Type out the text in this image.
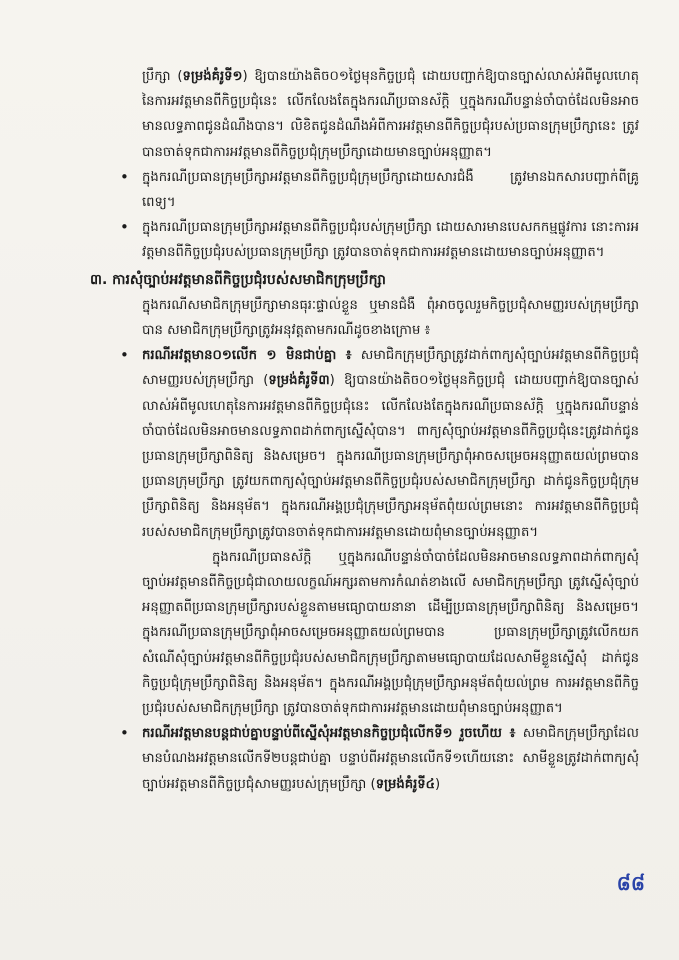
ប្រឹក្សា (ទម្រង់គំរូទី១) ឱ្យបានយ៉ាងតិច០១ថ្ងៃមុនកិច្ចប្រជុំ ដោយបញ្ជាក់ឱ្យបានច្បាស់លាស់អំពីមូលហេតុនៃការអវត្តមានពីកិច្ចប្រជុំនេះ លើកលែងតែក្នុងករណីប្រធានស័ក្តិ ឬក្នុងករណីបន្ទាន់ចាំបាច់ដែលមិនអាចមានលទ្ធភាពជូនដំណឹងបាន។ លិខិតជូនដំណឹងអំពីការអវត្តមានពីកិច្ចប្រជុំរបស់ប្រធានក្រុមប្រឹក្សានេះ ត្រូវបានចាត់ទុកជាការអវត្តមានពីកិច្ចប្រជុំក្រុមប្រឹក្សាដោយមានច្បាប់អនុញ្ញាត។

• ក្នុងករណីប្រធានក្រុមប្រឹក្សាអវត្តមានពីកិច្ចប្រជុំក្រុមប្រឹក្សាដោយសារជំងឺ ត្រូវមានឯកសារបញ្ជាក់ពីគ្រូពេទ្យ។

• ក្នុងករណីប្រធានក្រុមប្រឹក្សាអវត្តមានពីកិច្ចប្រជុំរបស់ក្រុមប្រឹក្សា ដោយសារមានបេសកកម្មផ្លូវការ នោះការអវត្តមានពីកិច្ចប្រជុំរបស់ប្រធានក្រុមប្រឹក្សា ត្រូវបានចាត់ទុកជាការអវត្តមានដោយមានច្បាប់អនុញ្ញាត។

៣. ការសុំច្បាប់អវត្តមានពីកិច្ចប្រជុំរបស់សមាជិកក្រុមប្រឹក្សា

ក្នុងករណីសមាជិកក្រុមប្រឹក្សាមានធុរៈផ្ទាល់ខ្លួន ឬមានជំងឺ ពុំអាចចូលរួមកិច្ចប្រជុំសាមញ្ញរបស់ក្រុមប្រឹក្សាបាន សមាជិកក្រុមប្រឹក្សាត្រូវអនុវត្តតាមករណីដូចខាងក្រោម ៖

• ករណីអវត្តមាន០១លើក ១ មិនជាប់គ្នា ៖ សមាជិកក្រុមប្រឹក្សាត្រូវដាក់ពាក្យសុំច្បាប់អវត្តមានពីកិច្ចប្រជុំសាមញ្ញរបស់ក្រុមប្រឹក្សា (ទម្រង់គំរូទី៣) ឱ្យបានយ៉ាងតិច០១ថ្ងៃមុនកិច្ចប្រជុំ ដោយបញ្ជាក់ឱ្យបានច្បាស់លាស់អំពីមូលហេតុនៃការអវត្តមានពីកិច្ចប្រជុំនេះ លើកលែងតែក្នុងករណីប្រធានស័ក្តិ ឬក្នុងករណីបន្ទាន់ចាំបាច់ដែលមិនអាចមានលទ្ធភាពដាក់ពាក្យស្នើសុំបាន។ ពាក្យសុំច្បាប់អវត្តមានពីកិច្ចប្រជុំនេះត្រូវដាក់ជូនប្រធានក្រុមប្រឹក្សាពិនិត្យ និងសម្រេច។ ក្នុងករណីប្រធានក្រុមប្រឹក្សាពុំអាចសម្រេចអនុញ្ញាតយល់ព្រមបាន ប្រធានក្រុមប្រឹក្សា ត្រូវយកពាក្យសុំច្បាប់អវត្តមានពីកិច្ចប្រជុំរបស់សមាជិកក្រុមប្រឹក្សា ដាក់ជូនកិច្ចប្រជុំក្រុមប្រឹក្សាពិនិត្យ និងអនុម័ត។ ក្នុងករណីអង្គប្រជុំក្រុមប្រឹក្សាអនុម័តពុំយល់ព្រមនោះ ការអវត្តមានពីកិច្ចប្រជុំរបស់សមាជិកក្រុមប្រឹក្សាត្រូវបានចាត់ទុកជាការអវត្តមានដោយពុំមានច្បាប់អនុញ្ញាត។

ក្នុងករណីប្រធានស័ក្តិ ឬក្នុងករណីបន្ទាន់ចាំបាច់ដែលមិនអាចមានលទ្ធភាពដាក់ពាក្យសុំច្បាប់អវត្តមានពីកិច្ចប្រជុំជាលាយលក្ខណ៍អក្សរតាមការកំណត់ខាងលើ សមាជិកក្រុមប្រឹក្សា ត្រូវស្នើសុំច្បាប់អនុញ្ញាតពីប្រធានក្រុមប្រឹក្សារបស់ខ្លួនតាមមធ្យោបាយនានា ដើម្បីប្រធានក្រុមប្រឹក្សាពិនិត្យ និងសម្រេច។ ក្នុងករណីប្រធានក្រុមប្រឹក្សាពុំអាចសម្រេចអនុញ្ញាតយល់ព្រមបាន ប្រធានក្រុមប្រឹក្សាត្រូវលើកយកសំណើសុំច្បាប់អវត្តមានពីកិច្ចប្រជុំរបស់សមាជិកក្រុមប្រឹក្សាតាមមធ្យោបាយដែលសាមីខ្លួនស្នើសុំ ដាក់ជូនកិច្ចប្រជុំក្រុមប្រឹក្សាពិនិត្យ និងអនុម័ត។ ក្នុងករណីអង្គប្រជុំក្រុមប្រឹក្សាអនុម័តពុំយល់ព្រម ការអវត្តមានពីកិច្ចប្រជុំរបស់សមាជិកក្រុមប្រឹក្សា ត្រូវបានចាត់ទុកជាការអវត្តមានដោយពុំមានច្បាប់អនុញ្ញាត។

• ករណីអវត្តមានបន្តជាប់គ្នាបន្ទាប់ពីស្នើសុំអវត្តមានកិច្ចប្រជុំលើកទី១ រួចហើយ ៖ សមាជិកក្រុមប្រឹក្សាដែលមានបំណងអវត្តមានលើកទី២បន្តជាប់គ្នា បន្ទាប់ពីអវត្តមានលើកទី១ហើយនោះ សាមីខ្លួនត្រូវដាក់ពាក្យសុំច្បាប់អវត្តមានពីកិច្ចប្រជុំសាមញ្ញរបស់ក្រុមប្រឹក្សា (ទម្រង់គំរូទី៤)

៨៨
